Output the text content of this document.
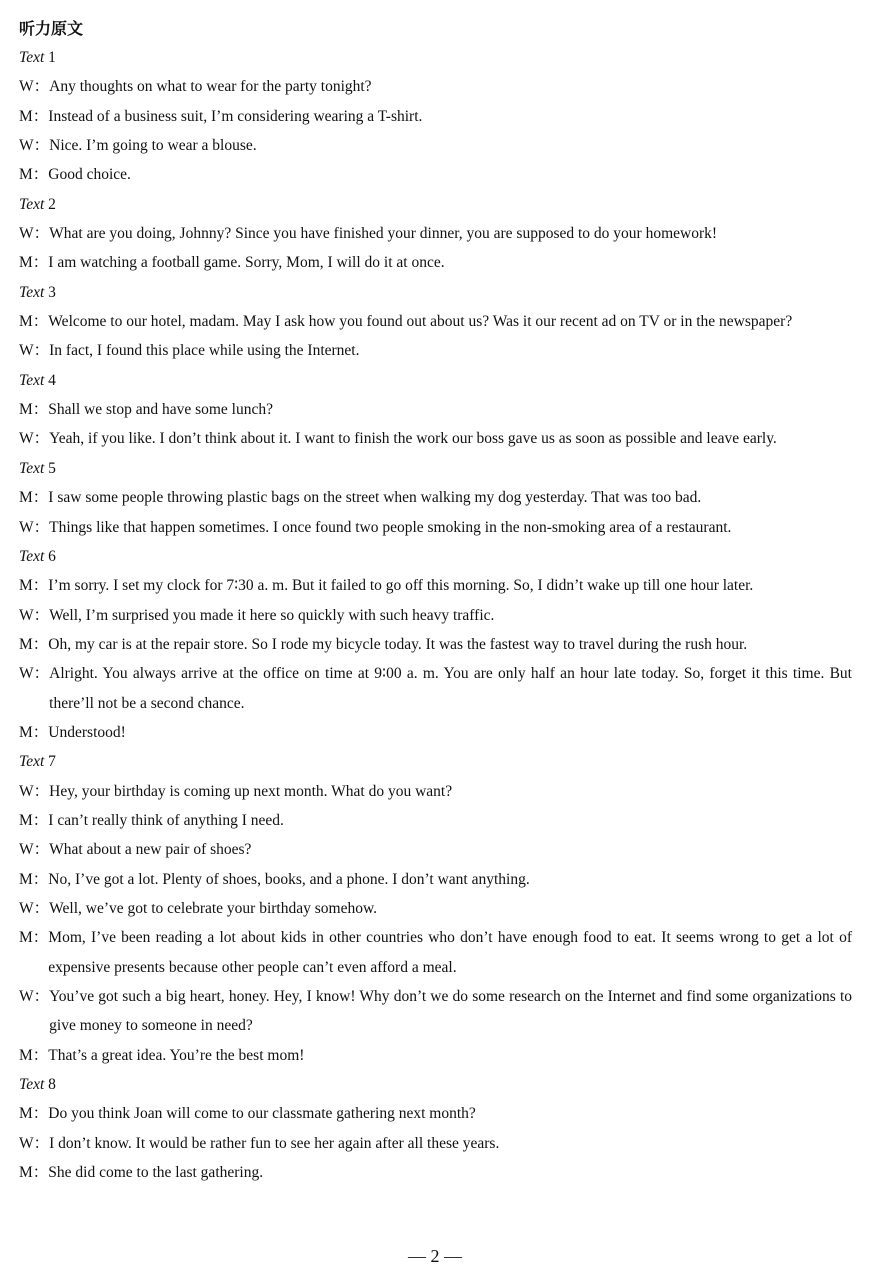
听力原文
Text 1
W： Any thoughts on what to wear for the party tonight?
M： Instead of a business suit, I’m considering wearing a T-shirt.
W： Nice. I’m going to wear a blouse.
M： Good choice.
Text 2
W： What are you doing, Johnny? Since you have finished your dinner, you are supposed to do your homework!
M： I am watching a football game. Sorry, Mom, I will do it at once.
Text 3
M： Welcome to our hotel, madam. May I ask how you found out about us? Was it our recent ad on TV or in the newspaper?
W： In fact, I found this place while using the Internet.
Text 4
M： Shall we stop and have some lunch?
W： Yeah, if you like. I don’t think about it. I want to finish the work our boss gave us as soon as possible and leave early.
Text 5
M： I saw some people throwing plastic bags on the street when walking my dog yesterday. That was too bad.
W： Things like that happen sometimes. I once found two people smoking in the non-smoking area of a restaurant.
Text 6
M： I’m sorry. I set my clock for 7∶30 a. m. But it failed to go off this morning. So, I didn’t wake up till one hour later.
W： Well, I’m surprised you made it here so quickly with such heavy traffic.
M： Oh, my car is at the repair store. So I rode my bicycle today. It was the fastest way to travel during the rush hour.
W： Alright. You always arrive at the office on time at 9∶00 a. m. You are only half an hour late today. So, forget it this time. But there’ll not be a second chance.
M： Understood!
Text 7
W： Hey, your birthday is coming up next month. What do you want?
M： I can’t really think of anything I need.
W： What about a new pair of shoes?
M： No, I’ve got a lot. Plenty of shoes, books, and a phone. I don’t want anything.
W： Well, we’ve got to celebrate your birthday somehow.
M： Mom, I’ve been reading a lot about kids in other countries who don’t have enough food to eat. It seems wrong to get a lot of expensive presents because other people can’t even afford a meal.
W： You’ve got such a big heart, honey. Hey, I know! Why don’t we do some research on the Internet and find some organizations to give money to someone in need?
M： That’s a great idea. You’re the best mom!
Text 8
M： Do you think Joan will come to our classmate gathering next month?
W： I don’t know. It would be rather fun to see her again after all these years.
M： She did come to the last gathering.
— 2 —
